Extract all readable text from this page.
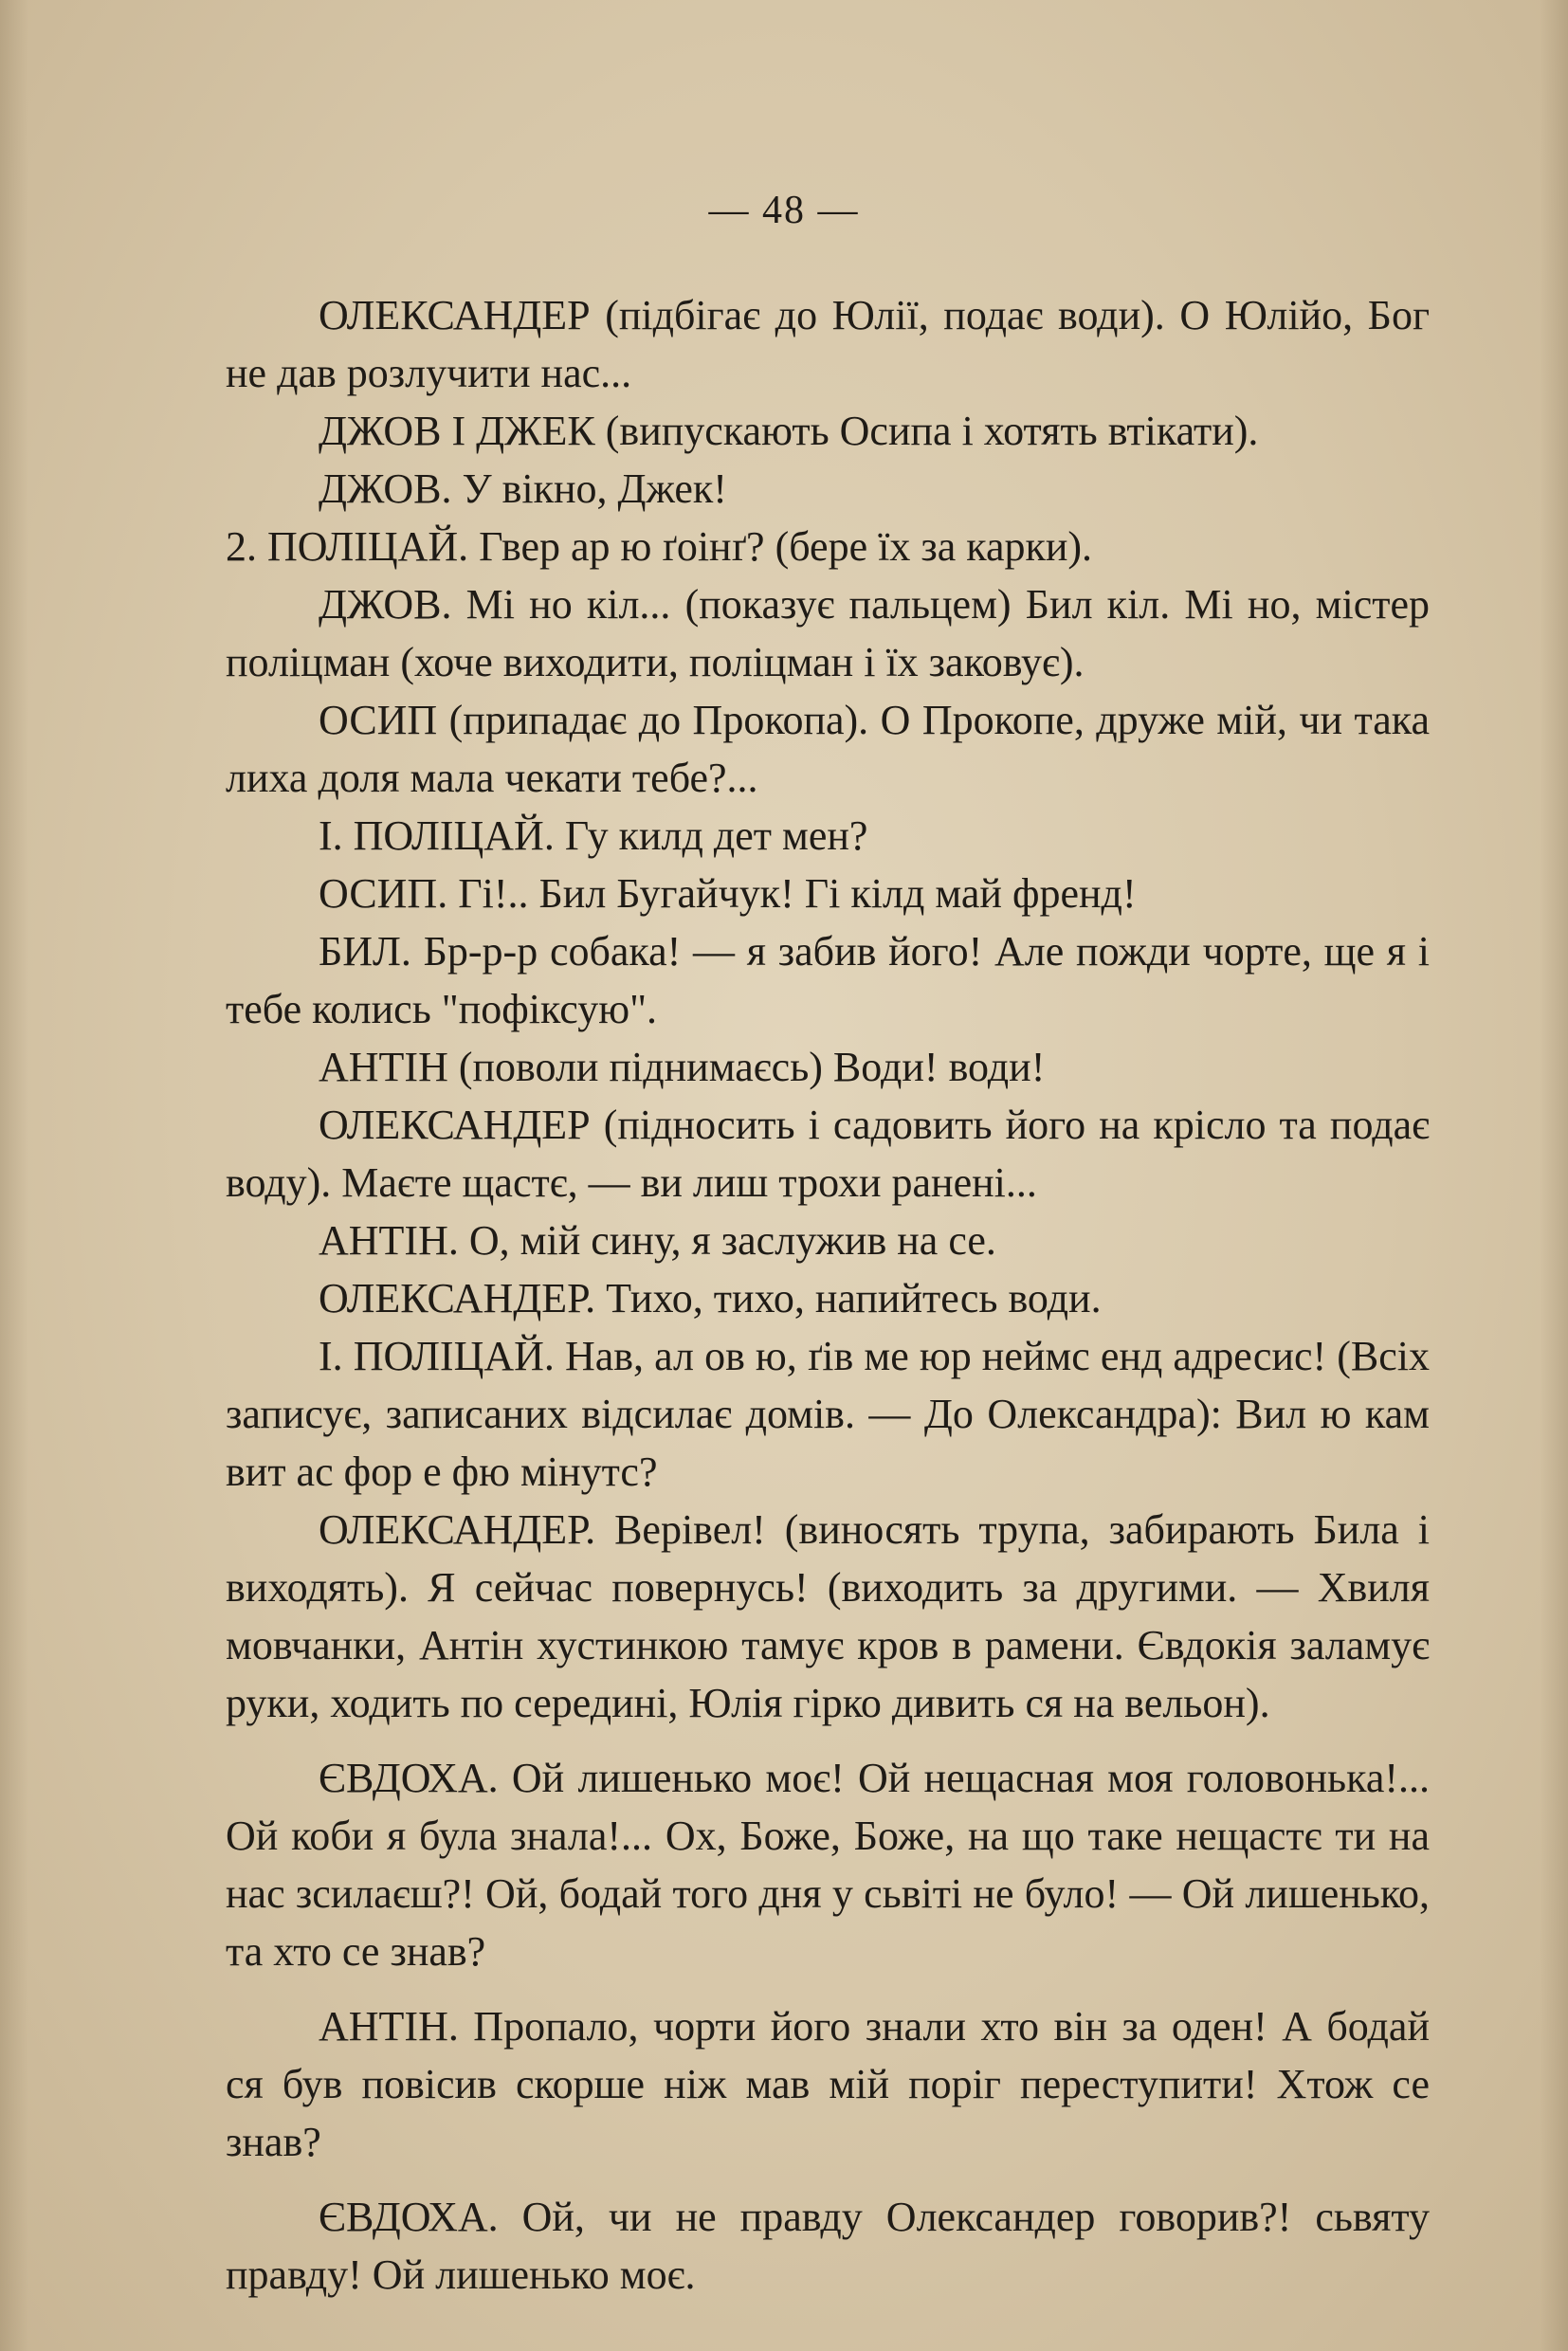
— 48 —

ОЛЕКСАНДЕР (підбігає до Юлії, подає води). О Юлійо, Бог не дав розлучити нас...

ДЖОВ І ДЖЕК (випускають Осипа і хотять втікати).

ДЖОВ. У вікно, Джек!

2. ПОЛІЦАЙ. Гвер ар ю ґоінґ? (бере їх за карки).

ДЖОВ. Мі но кіл... (показує пальцем) Бил кіл. Мі но, містер поліцман (хоче виходити, поліцман і їх заковує).

ОСИП (припадає до Прокопа). О Прокопе, друже мій, чи така лиха доля мала чекати тебе?...

І. ПОЛІЦАЙ. Гу килд дет мен?

ОСИП. Гі!.. Бил Бугайчук! Гі кілд май френд!

БИЛ. Бр-р-р собака! — я забив його! Але пожди чорте, ще я і тебе колись "пофіксую".

АНТІН (поволи піднимаєсь) Води! води!

ОЛЕКСАНДЕР (підносить і садовить його на крісло та подає воду). Маєте щастє, — ви лиш трохи ранені...

АНТІН. О, мій сину, я заслужив на се.

ОЛЕКСАНДЕР. Тихо, тихо, напийтесь води.

І. ПОЛІЦАЙ. Нав, ал ов ю, ґів ме юр неймс енд адресис! (Всіх записує, записаних відсилає домів. — До Олександра): Вил ю кам вит ас фор е фю мінутс?

ОЛЕКСАНДЕР. Верівел! (виносять трупа, забирають Била і виходять). Я сейчас повернусь! (виходить за другими. — Хвиля мовчанки, Антін хустинкою тамує кров в рамени. Євдокія заламує руки, ходить по середині, Юлія гірко дивить ся на вельон).

ЄВДОХА. Ой лишенько моє! Ой нещасная моя головонька!... Ой коби я була знала!... Ох, Боже, Боже, на що таке нещастє ти на нас зсилаєш?! Ой, бодай того дня у сьвіті не було! — Ой лишенько, та хто се знав?

АНТІН. Пропало, чорти його знали хто він за оден! А бодай ся був повісив скорше ніж мав мій поріг переступити! Хтож се знав?

ЄВДОХА. Ой, чи не правду Олександер говорив?! сьвяту правду! Ой лишенько моє.
